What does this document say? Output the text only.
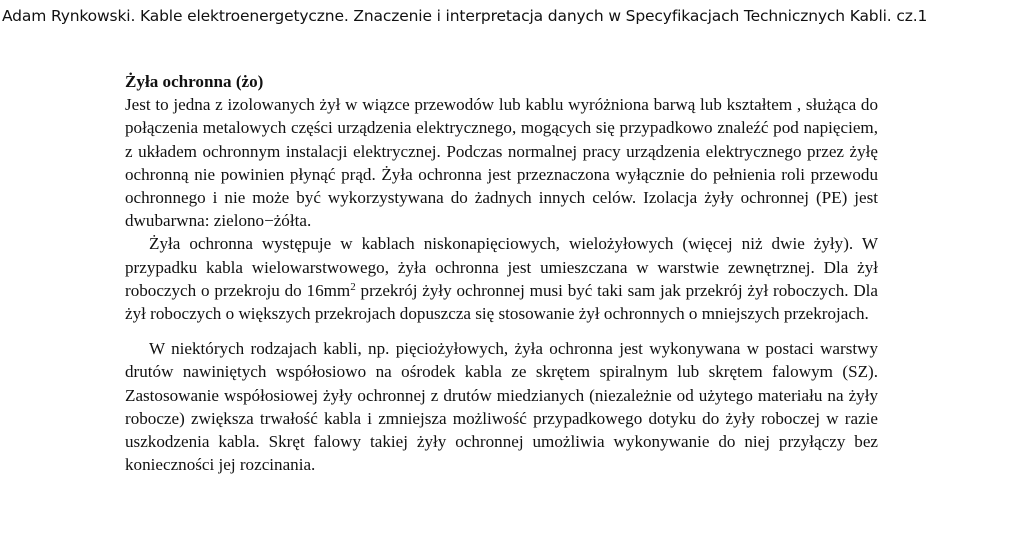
Adam Rynkowski. Kable elektroenergetyczne. Znaczenie i interpretacja danych w Specyfikacjach Technicznych Kabli. cz.1

Żyła ochronna (żo)

Jest to jedna z izolowanych żył w wiązce przewodów lub kablu wyróżniona barwą lub kształtem , służąca do połączenia metalowych części urządzenia elektrycznego, mogących się przypadkowo znaleźć pod napięciem, z układem ochronnym instalacji elektrycznej. Podczas normalnej pracy urządzenia elektrycznego przez żyłę ochronną nie powinien płynąć prąd. Żyła ochronna jest przeznaczona wyłącznie do pełnienia roli przewodu ochronnego i nie może być wykorzystywana do żadnych innych celów. Izolacja żyły ochronnej (PE) jest dwubarwna: zielono−żółta.

Żyła ochronna występuje w kablach niskonapięciowych, wielożyłowych (więcej niż dwie żyły). W przypadku kabla wielowarstwowego, żyła ochronna jest umieszczana w warstwie zewnętrznej. Dla żył roboczych o przekroju do $16mm^2$ przekrój żyły ochronnej musi być taki sam jak przekrój żył roboczych. Dla żył roboczych o większych przekrojach dopuszcza się stosowanie żył ochronnych o mniejszych przekrojach.

W niektórych rodzajach kabli, np. pięciożyłowych, żyła ochronna jest wykonywana w postaci warstwy drutów nawiniętych współosiowo na ośrodek kabla ze skrętem spiralnym lub skrętem falowym (SZ). Zastosowanie współosiowej żyły ochronnej z drutów miedzianych (niezależnie od użytego materiału na żyły robocze) zwiększa trwałość kabla i zmniejsza możliwość przypadkowego dotyku do żyły roboczej w razie uszkodzenia kabla. Skręt falowy takiej żyły ochronnej umożliwia wykonywanie do niej przyłączy bez konieczności jej rozcinania.
